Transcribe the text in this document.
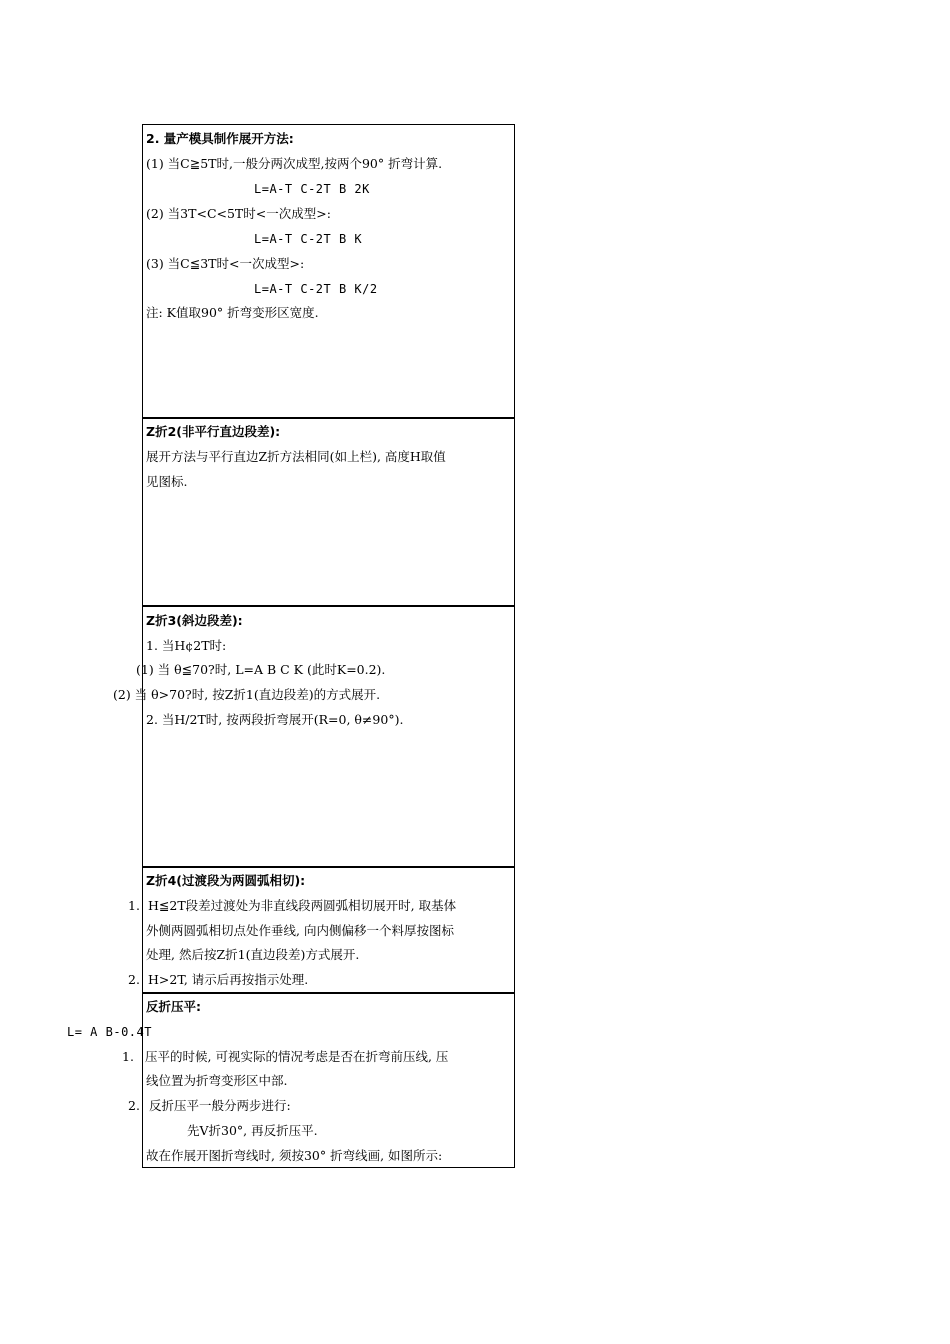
2. 量产模具制作展开方法:
(1) 当C≧5T时,一般分两次成型,按两个90° 折弯计算.
L=A-T C-2T B 2K
(2) 当3T<C<5T时<一次成型>:
L=A-T C-2T B K
(3) 当C≦3T时<一次成型>:
L=A-T C-2T B K/2
注: K值取90° 折弯变形区宽度.
Z折2(非平行直边段差):
展开方法与平行直边Z折方法相同(如上栏), 高度H取值
见图标.
Z折3(斜边段差):
1. 当H¢2T时:
(1) 当 θ≦70?时, L=A B C K (此时K=0.2).
(2) 当 θ>70?时, 按Z折1(直边段差)的方式展开.
2. 当H/2T时, 按两段折弯展开(R=0, θ≠90°).
Z折4(过渡段为两圆弧相切):
1. H≦2T段差过渡处为非直线段两圆弧相切展开时, 取基体
外侧两圆弧相切点处作垂线, 向内侧偏移一个料厚按图标
处理, 然后按Z折1(直边段差)方式展开.
2. H>2T, 请示后再按指示处理.
反折压平:
L= A B-0.4T
1. 压平的时候, 可视实际的情况考虑是否在折弯前压线, 压
线位置为折弯变形区中部.
2. 反折压平一般分两步进行:
先V折30°, 再反折压平.
故在作展开图折弯线时, 须按30° 折弯线画, 如图所示:
